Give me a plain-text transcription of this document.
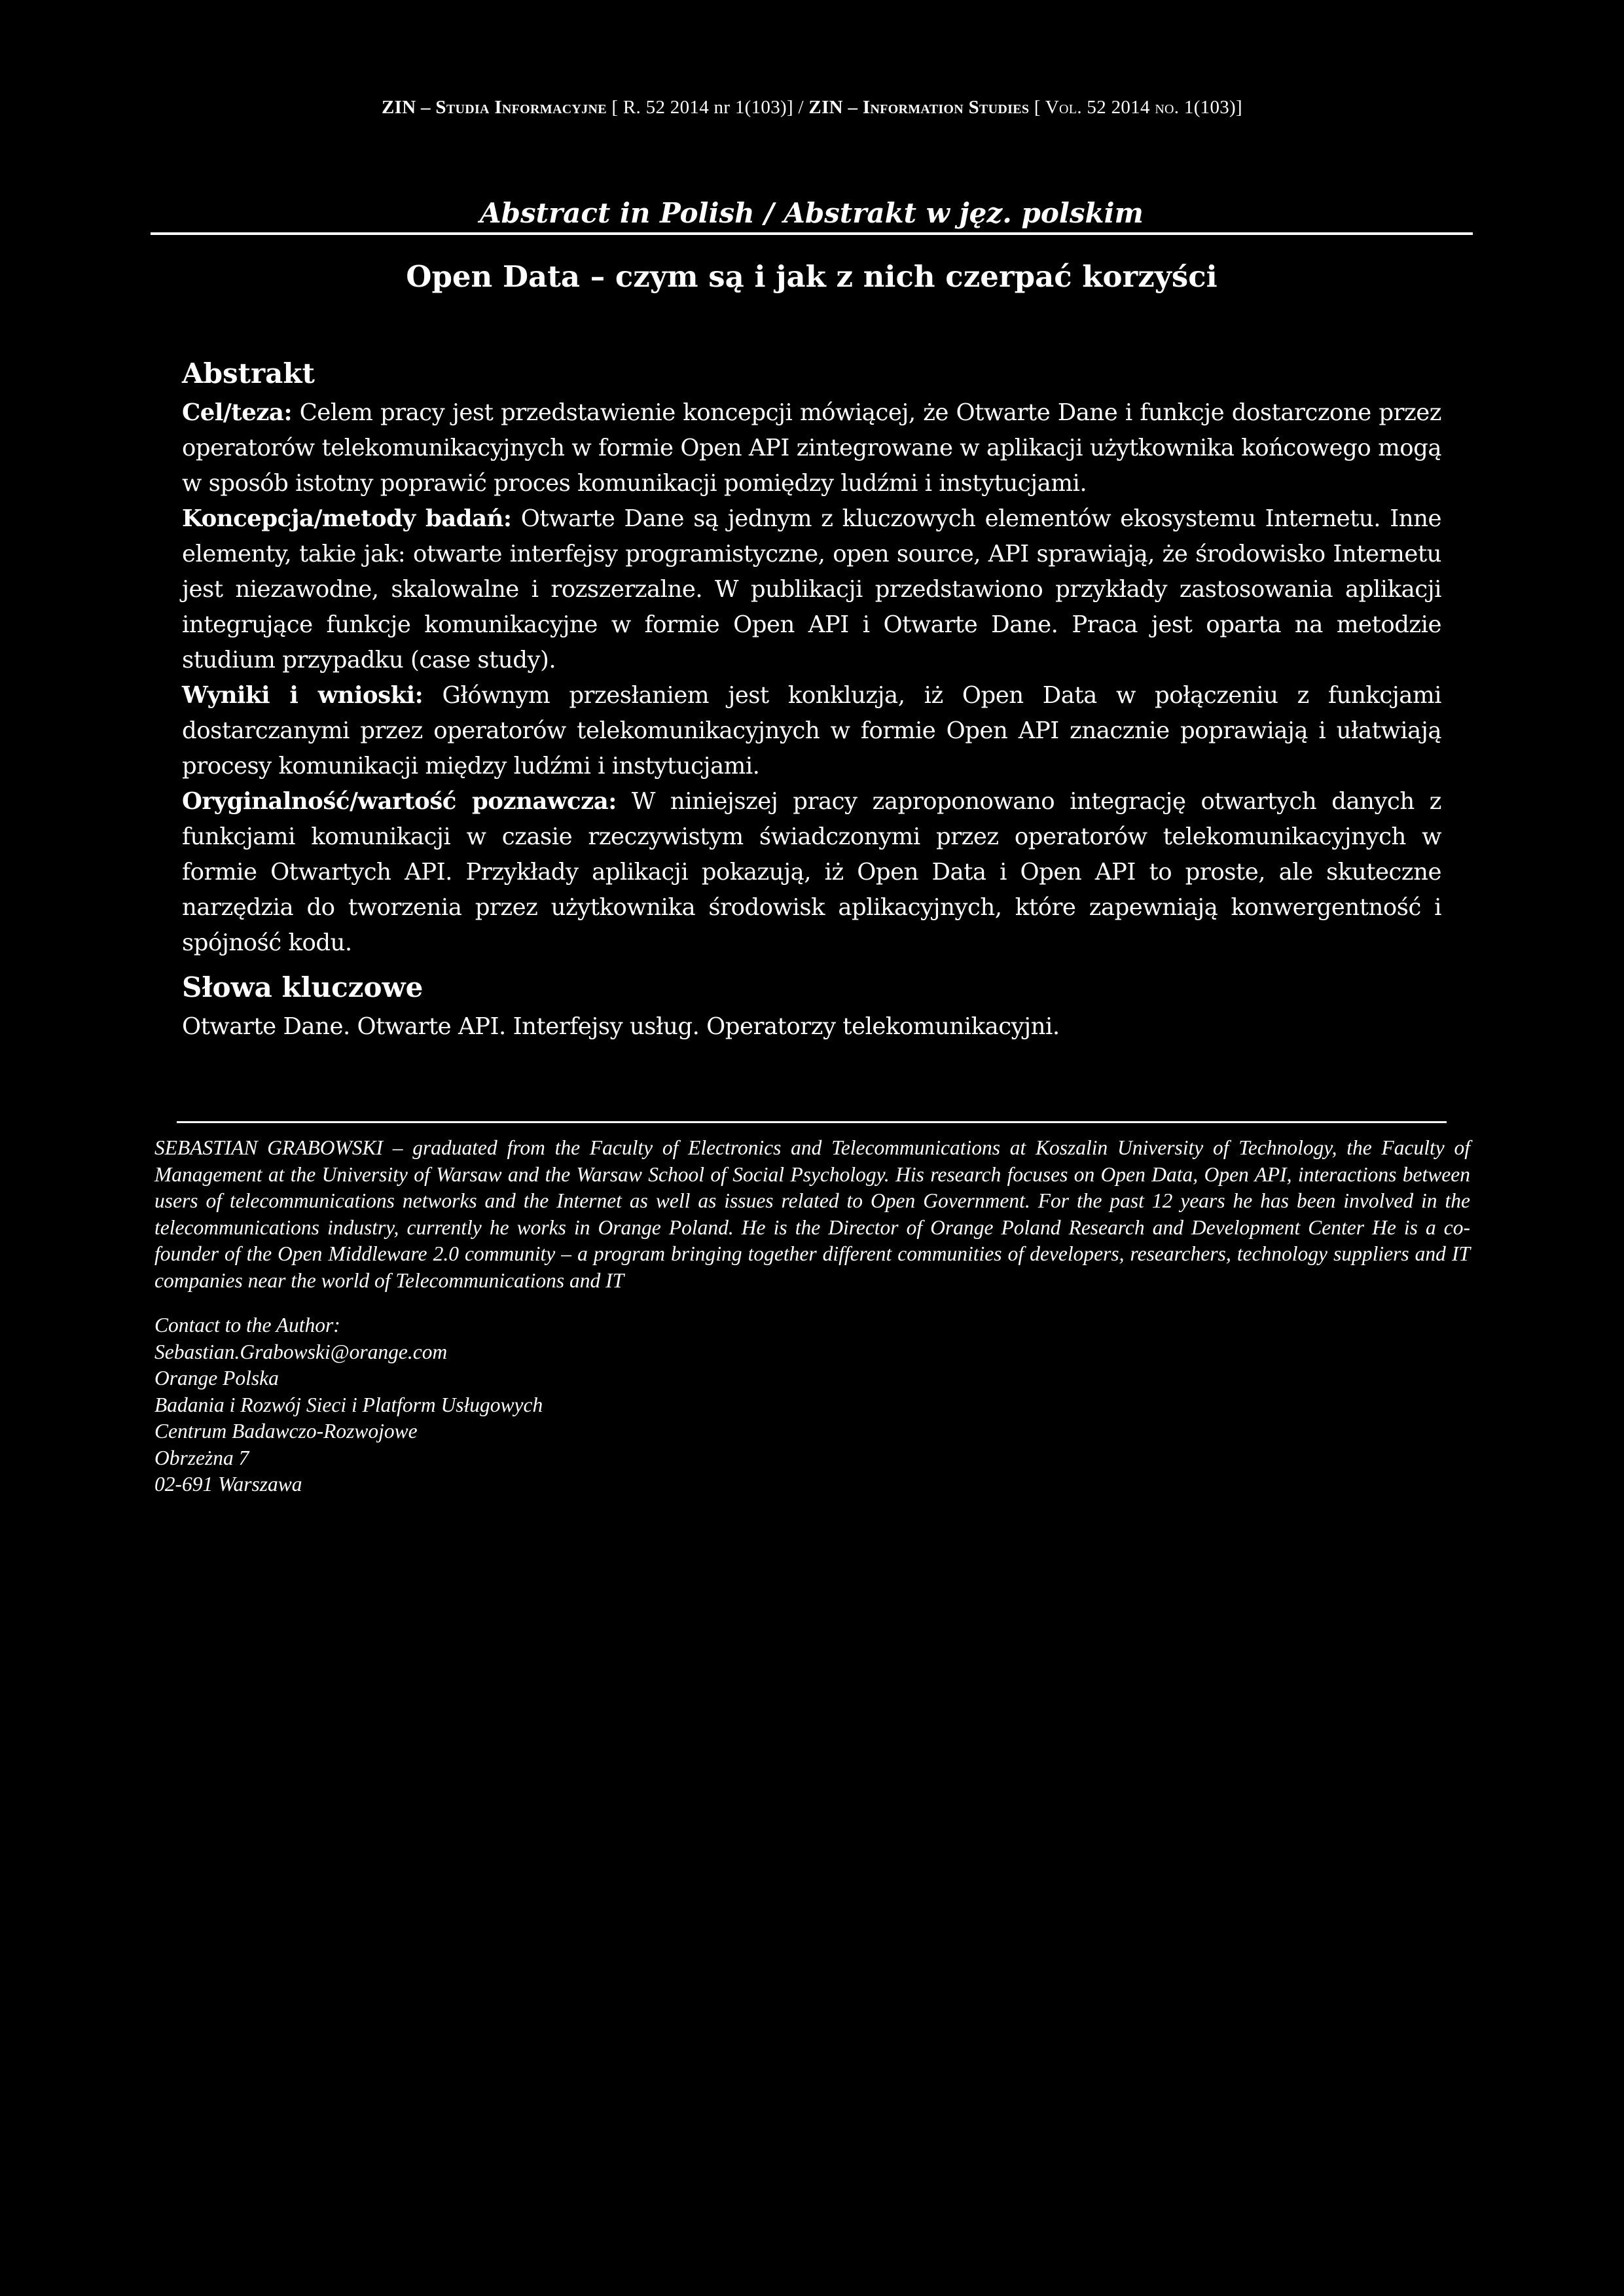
ZIN – Studia Informacyjne [ R. 52 2014 nr 1(103)] / ZIN – Information Studies [ Vol. 52 2014 no. 1(103)]
Abstract in Polish / Abstrakt w jęz. polskim
Open Data – czym są i jak z nich czerpać korzyści
Abstrakt

Cel/teza: Celem pracy jest przedstawienie koncepcji mówiącej, że Otwarte Dane i funkcje dostarczone przez operatorów telekomunikacyjnych w formie Open API zintegrowane w aplikacji użytkownika końcowego mogą w sposób istotny poprawić proces komunikacji pomiędzy ludźmi i instytucjami.

Koncepcja/metody badań: Otwarte Dane są jednym z kluczowych elementów ekosystemu Internetu. Inne elementy, takie jak: otwarte interfejsy programistyczne, open source, API sprawiają, że środowisko Internetu jest niezawodne, skalowalne i rozszerzalne. W publikacji przedstawiono przykłady zastosowania aplikacji integrujące funkcje komunikacyjne w formie Open API i Otwarte Dane. Praca jest oparta na metodzie studium przypadku (case study).

Wyniki i wnioski: Głównym przesłaniem jest konkluzja, iż Open Data w połączeniu z funkcjami dostarczanymi przez operatorów telekomunikacyjnych w formie Open API znacznie poprawiają i ułatwiają procesy komunikacji między ludźmi i instytucjami.

Oryginalność/wartość poznawcza: W niniejszej pracy zaproponowano integrację otwartych danych z funkcjami komunikacji w czasie rzeczywistym świadczonymi przez operatorów telekomunikacyjnych w formie Otwartych API. Przykłady aplikacji pokazują, iż Open Data i Open API to proste, ale skuteczne narzędzia do tworzenia przez użytkownika środowisk aplikacyjnych, które zapewniają konwergentność i spójność kodu.

Słowa kluczowe

Otwarte Dane. Otwarte API. Interfejsy usług. Operatorzy telekomunikacyjni.

SEBASTIAN GRABOWSKI – graduated from the Faculty of Electronics and Telecommunications at Koszalin University of Technology, the Faculty of Management at the University of Warsaw and the Warsaw School of Social Psychology. His research focuses on Open Data, Open API, interactions between users of telecommunications networks and the Internet as well as issues related to Open Government. For the past 12 years he has been involved in the telecommunications industry, currently he works in Orange Poland. He is the Director of Orange Poland Research and Development Center He is a co-founder of the Open Middleware 2.0 community – a program bringing together different communities of developers, researchers, technology suppliers and IT companies near the world of Telecommunications and IT

Contact to the Author:
Sebastian.Grabowski@orange.com
Orange Polska
Badania i Rozwój Sieci i Platform Usługowych
Centrum Badawczo-Rozwojowe
Obrzeżna 7
02-691 Warszawa
